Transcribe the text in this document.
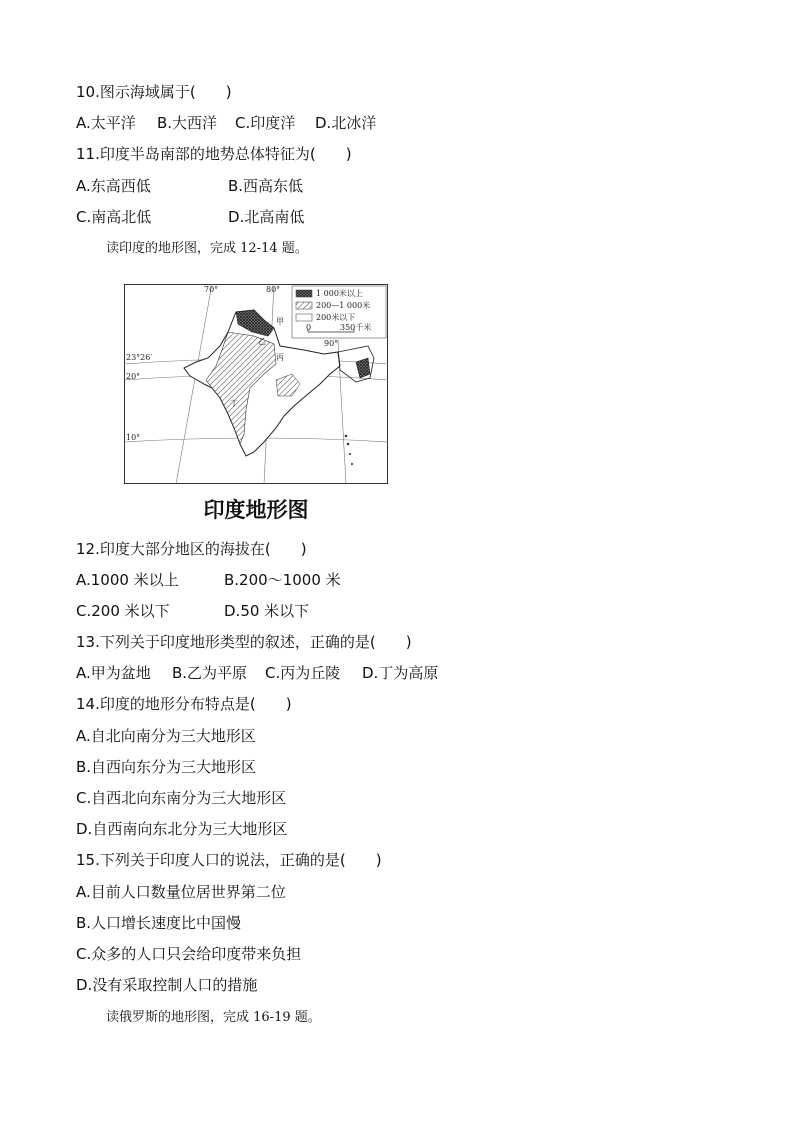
10.图示海域属于(　　)
A.太平洋 B.大西洋 C.印度洋 D.北冰洋
11.印度半岛南部的地势总体特征为(　　)
A.东高西低	B.西高东低
C.南高北低	D.北高南低
读印度的地形图，完成 12-14 题。
1 000米以上
200—1 000米
200米以下
0	350千米
70°	80°
90°
23°26′
20°
10°
甲
乙
丙
丁
印度地形图
12.印度大部分地区的海拔在(　　)
A.1000 米以上	B.200～1000 米
C.200 米以下	D.50 米以下
13.下列关于印度地形类型的叙述，正确的是(　　)
A.甲为盆地 B.乙为平原 C.丙为丘陵 D.丁为高原
14.印度的地形分布特点是(　　)
A.自北向南分为三大地形区
B.自西向东分为三大地形区
C.自西北向东南分为三大地形区
D.自西南向东北分为三大地形区
15.下列关于印度人口的说法，正确的是(　　)
A.目前人口数量位居世界第二位
B.人口增长速度比中国慢
C.众多的人口只会给印度带来负担
D.没有采取控制人口的措施
读俄罗斯的地形图，完成 16-19 题。
